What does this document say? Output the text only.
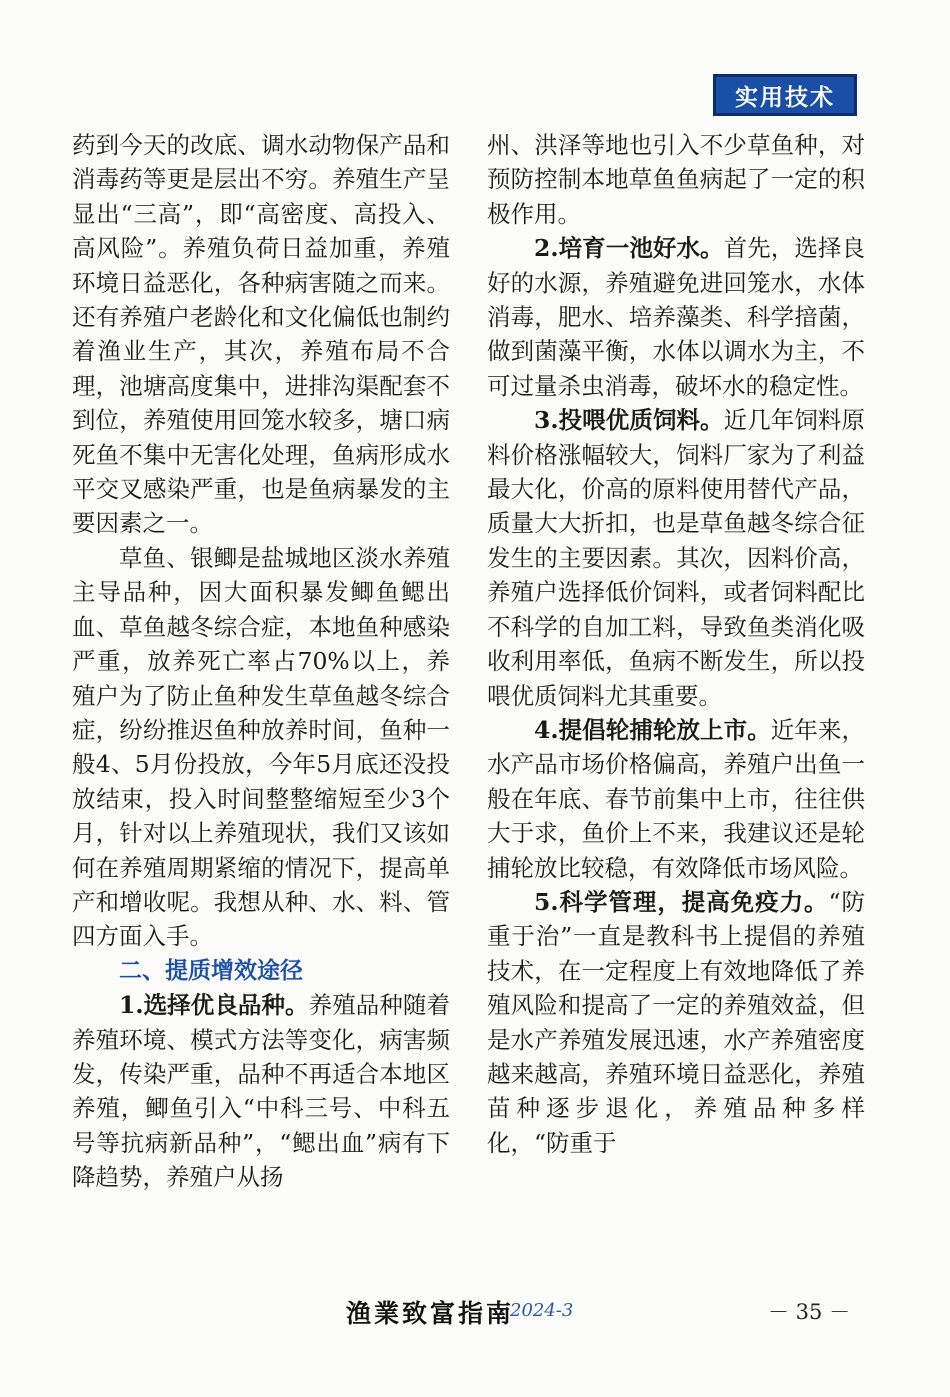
实用技术

药到今天的改底、调水动物保产品和消毒药等更是层出不穷。养殖生产呈显出“三高”，即“高密度、高投入、高风险”。养殖负荷日益加重，养殖环境日益恶化，各种病害随之而来。还有养殖户老龄化和文化偏低也制约着渔业生产，其次，养殖布局不合理，池塘高度集中，进排沟渠配套不到位，养殖使用回笼水较多，塘口病死鱼不集中无害化处理，鱼病形成水平交叉感染严重，也是鱼病暴发的主要因素之一。

草鱼、银鲫是盐城地区淡水养殖主导品种，因大面积暴发鲫鱼鳃出血、草鱼越冬综合症，本地鱼种感染严重，放养死亡率占70%以上，养殖户为了防止鱼种发生草鱼越冬综合症，纷纷推迟鱼种放养时间，鱼种一般4、5月份投放，今年5月底还没投放结束，投入时间整整缩短至少3个月，针对以上养殖现状，我们又该如何在养殖周期紧缩的情况下，提高单产和增收呢。我想从种、水、料、管四方面入手。

二、提质增效途径

1.选择优良品种。养殖品种随着养殖环境、模式方法等变化，病害频发，传染严重，品种不再适合本地区养殖，鲫鱼引入“中科三号、中科五号等抗病新品种”，“鳃出血”病有下降趋势，养殖户从扬

州、洪泽等地也引入不少草鱼种，对预防控制本地草鱼鱼病起了一定的积极作用。

2.培育一池好水。首先，选择良好的水源，养殖避免进回笼水，水体消毒，肥水、培养藻类、科学揞菌，做到菌藻平衡，水体以调水为主，不可过量杀虫消毒，破坏水的稳定性。

3.投喂优质饲料。近几年饲料原料价格涨幅较大，饲料厂家为了利益最大化，价高的原料使用替代产品，质量大大折扣，也是草鱼越冬综合征发生的主要因素。其次，因料价高，养殖户选择低价饲料，或者饲料配比不科学的自加工料，导致鱼类消化吸收利用率低，鱼病不断发生，所以投喂优质饲料尤其重要。

4.提倡轮捕轮放上市。近年来，水产品市场价格偏高，养殖户出鱼一般在年底、春节前集中上市，往往供大于求，鱼价上不来，我建议还是轮捕轮放比较稳，有效降低市场风险。

5.科学管理，提高免疫力。“防重于治”一直是教科书上提倡的养殖技术，在一定程度上有效地降低了养殖风险和提高了一定的养殖效益，但是水产养殖发展迅速，水产养殖密度越来越高，养殖环境日益恶化，养殖苗种逐步退化，养殖品种多样化，“防重于

渔業致富指南
2024-3	－ 35 －
